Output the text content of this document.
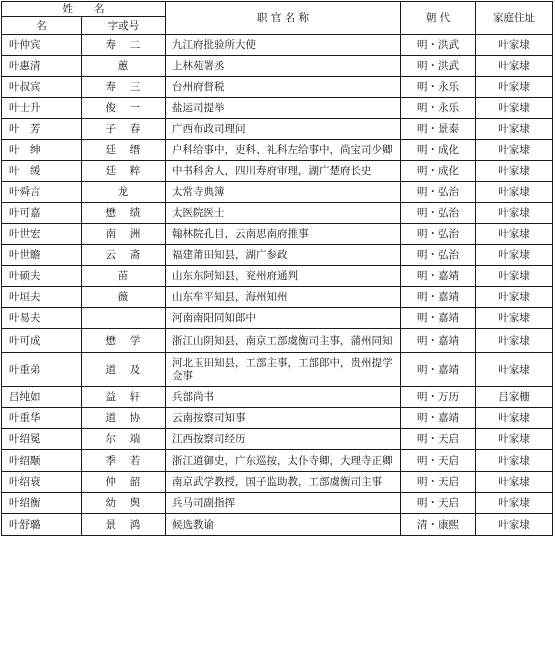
姓　　名		职 官 名 称	朝 代	家庭住址
名	字或号			
叶仲宾	寿 二	九江府批验所大使	明・洪武	叶家埭
叶惠清	蕙	上林苑署丞	明・洪武	叶家埭
叶叔宾	寿 三	台州府督税	明・永乐	叶家埭
叶士升	俊 一	盐运司提举	明・永乐	叶家埭
叶　芳	子 春	广西布政司理问	明・景泰	叶家埭
叶　绅	廷 缙	户科给事中，吏科、礼科左给事中，尚宝司少卿	明・成化	叶家埭
叶　缓	廷 粹	中书科舍人，四川寿府审理，湖广楚府长史	明・成化	叶家埭
叶舜言	龙	太常寺典簿	明・弘治	叶家埭
叶可嘉	懋 绩	太医院医士	明・弘治	叶家埭
叶世宏	南 洲	翰林院孔目，云南思南府推事	明・弘治	叶家埭
叶世瞻	云 斋	福建莆田知县，湖广参政	明・弘治	叶家埭
叶硕夫	苗	山东东阿知县，兖州府通判	明・嘉靖	叶家埭
叶垣夫	薇	山东牟平知县，海州知州	明・嘉靖	叶家埭
叶易夫		河南南阳同知郎中	明・嘉靖	叶家埭
叶可成	懋 学	浙江山阴知县，南京工部虞衡司主事，蒲州同知	明・嘉靖	叶家埭
叶重弟	道 及	河北玉田知县，工部主事，工部郎中，贵州提学佥事	明・嘉靖	叶家埭
吕纯如	益 轩	兵部尚书	明・万历	吕家栅
叶重华	道 协	云南按察司知事	明・嘉靖	叶家埭
叶绍冕	尔 端	江西按察司经历	明・天启	叶家埭
叶绍颙	季 若	浙江道御史，广东巡按，太仆寺卿，大理寺正卿	明・天启	叶家埭
叶绍衰	仲 韶	南京武学教授，国子监助教，工部虞衡司主事	明・天启	叶家埭
叶绍衡	幼 舆	兵马司副指挥	明・天启	叶家埭
叶舒璐	景 鸿	候选教谕	清・康熙	叶家埭
